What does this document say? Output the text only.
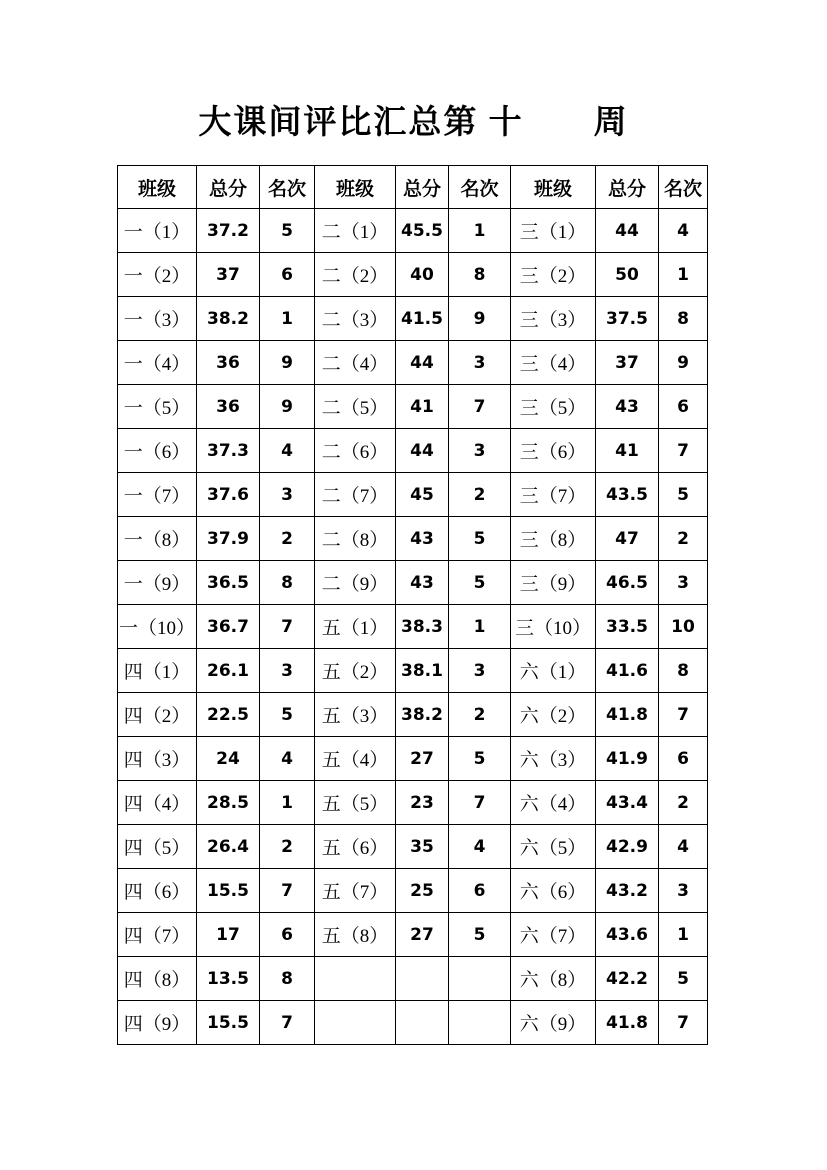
大课间评比汇总第 十　　周
班级	总分	名次	班级	总分	名次	班级	总分	名次
一（1）	37.2	5	二（1）	45.5	1	三（1）	44	4
一（2）	37	6	二（2）	40	8	三（2）	50	1
一（3）	38.2	1	二（3）	41.5	9	三（3）	37.5	8
一（4）	36	9	二（4）	44	3	三（4）	37	9
一（5）	36	9	二（5）	41	7	三（5）	43	6
一（6）	37.3	4	二（6）	44	3	三（6）	41	7
一（7）	37.6	3	二（7）	45	2	三（7）	43.5	5
一（8）	37.9	2	二（8）	43	5	三（8）	47	2
一（9）	36.5	8	二（9）	43	5	三（9）	46.5	3
一（10）	36.7	7	五（1）	38.3	1	三（10）	33.5	10
四（1）	26.1	3	五（2）	38.1	3	六（1）	41.6	8
四（2）	22.5	5	五（3）	38.2	2	六（2）	41.8	7
四（3）	24	4	五（4）	27	5	六（3）	41.9	6
四（4）	28.5	1	五（5）	23	7	六（4）	43.4	2
四（5）	26.4	2	五（6）	35	4	六（5）	42.9	4
四（6）	15.5	7	五（7）	25	6	六（6）	43.2	3
四（7）	17	6	五（8）	27	5	六（7）	43.6	1
四（8）	13.5	8				六（8）	42.2	5
四（9）	15.5	7				六（9）	41.8	7
